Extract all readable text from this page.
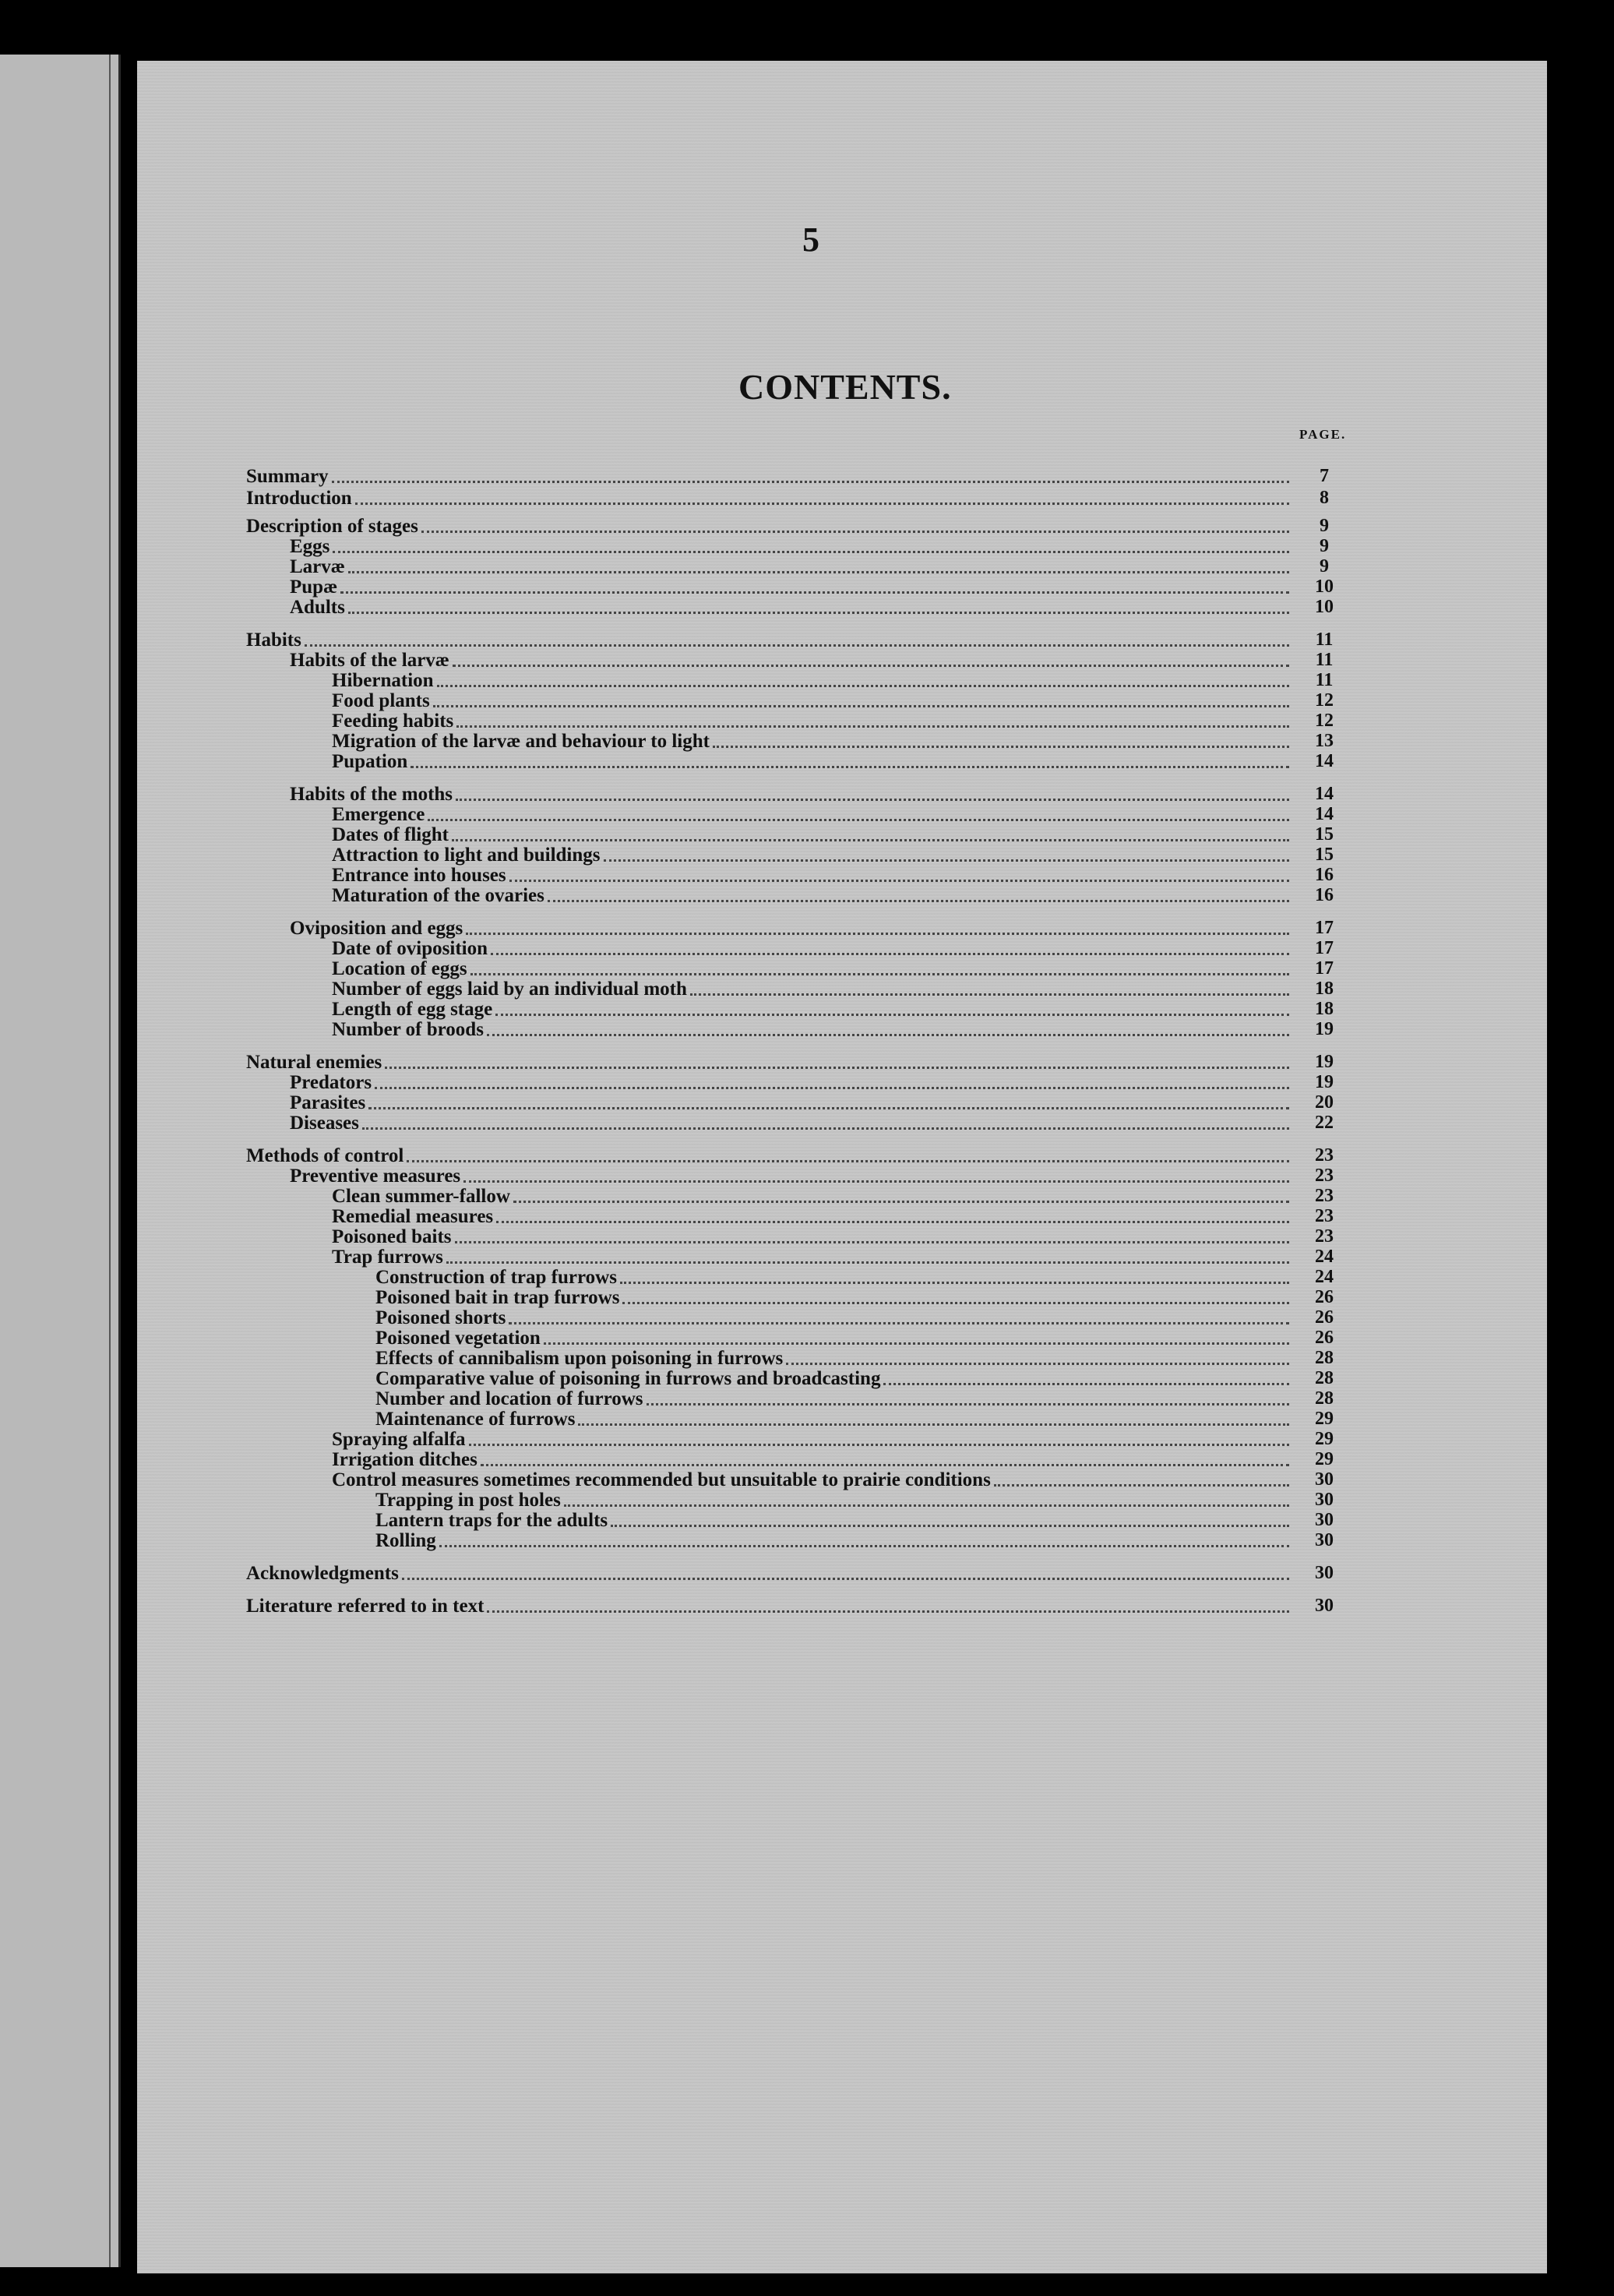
5
CONTENTS.
PAGE.
Summary	7
Introduction	8
Description of stages	9
Eggs	9
Larvæ	9
Pupæ	10
Adults	10
Habits	11
Habits of the larvæ	11
Hibernation	11
Food plants	12
Feeding habits	12
Migration of the larvæ and behaviour to light	13
Pupation	14
Habits of the moths	14
Emergence	14
Dates of flight	15
Attraction to light and buildings	15
Entrance into houses	16
Maturation of the ovaries	16
Oviposition and eggs	17
Date of oviposition	17
Location of eggs	17
Number of eggs laid by an individual moth	18
Length of egg stage	18
Number of broods	19
Natural enemies	19
Predators	19
Parasites	20
Diseases	22
Methods of control	23
Preventive measures	23
Clean summer-fallow	23
Remedial measures	23
Poisoned baits	23
Trap furrows	24
Construction of trap furrows	24
Poisoned bait in trap furrows	26
Poisoned shorts	26
Poisoned vegetation	26
Effects of cannibalism upon poisoning in furrows	28
Comparative value of poisoning in furrows and broadcasting	28
Number and location of furrows	28
Maintenance of furrows	29
Spraying alfalfa	29
Irrigation ditches	29
Control measures sometimes recommended but unsuitable to prairie conditions	30
Trapping in post holes	30
Lantern traps for the adults	30
Rolling	30
Acknowledgments	30
Literature referred to in text	30
